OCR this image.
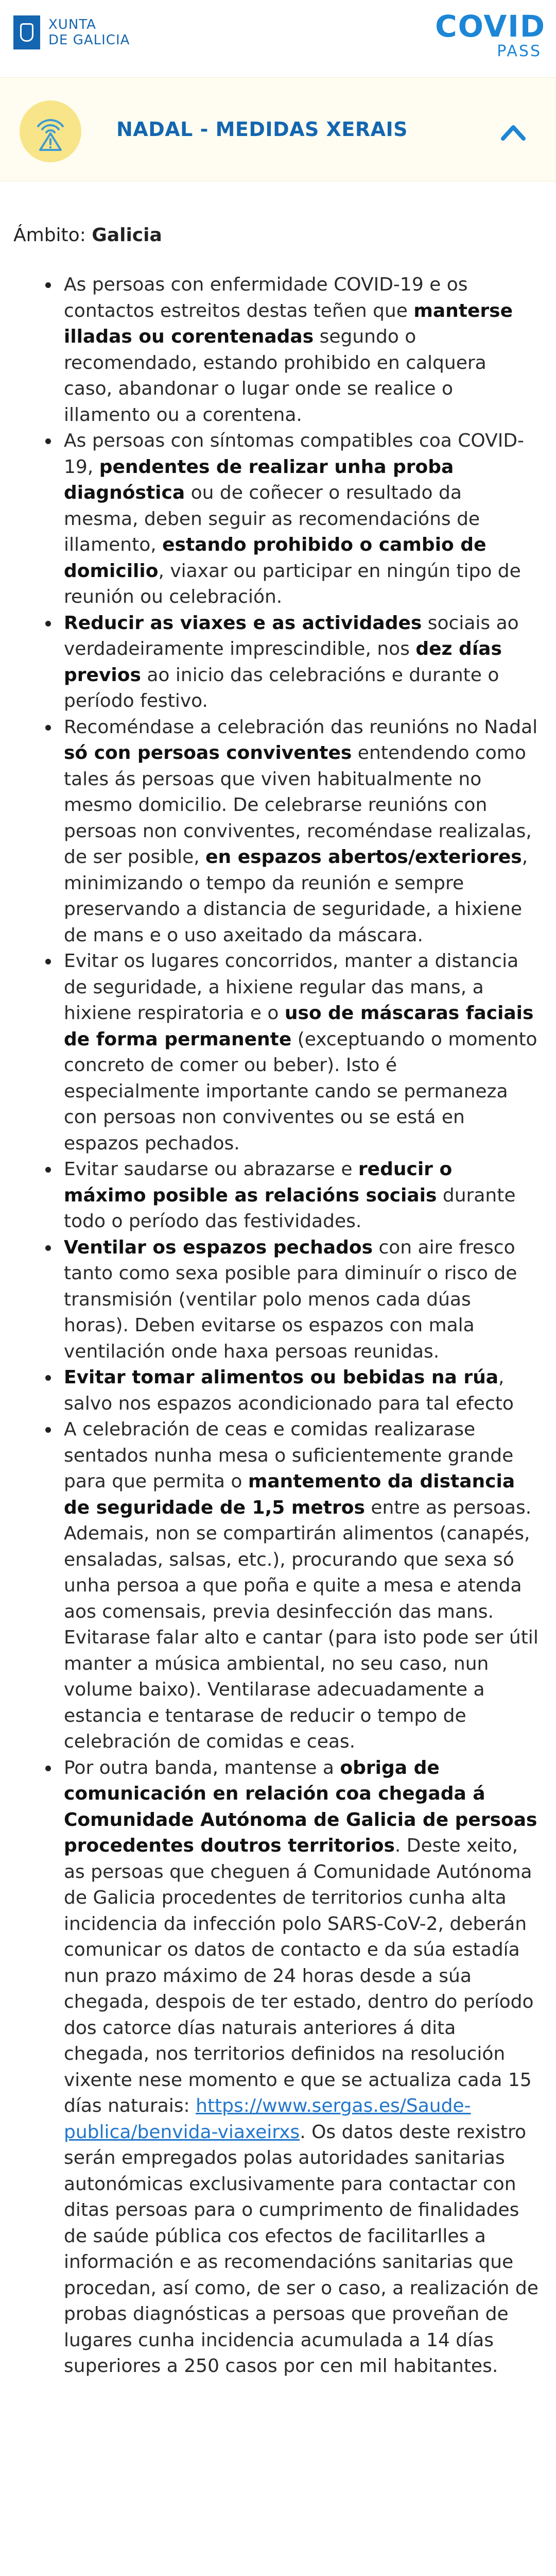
XUNTA
DE GALICIA	COVID
PASS
NADAL - MEDIDAS XERAIS
Ámbito: Galicia
As persoas con enfermidade COVID-19 e os contactos estreitos destas teñen que manterse illadas ou corentenadas segundo o recomendado, estando prohibido en calquera caso, abandonar o lugar onde se realice o illamento ou a corentena.
As persoas con síntomas compatibles coa COVID-19, pendentes de realizar unha proba diagnóstica ou de coñecer o resultado da mesma, deben seguir as recomendacións de illamento, estando prohibido o cambio de domicilio, viaxar ou participar en ningún tipo de reunión ou celebración.
Reducir as viaxes e as actividades sociais ao verdadeiramente imprescindible, nos dez días previos ao inicio das celebracións e durante o período festivo.
Recoméndase a celebración das reunións no Nadal só con persoas conviventes entendendo como tales ás persoas que viven habitualmente no mesmo domicilio. De celebrarse reunións con persoas non conviventes, recoméndase realizalas, de ser posible, en espazos abertos/exteriores, minimizando o tempo da reunión e sempre preservando a distancia de seguridade, a hixiene de mans e o uso axeitado da máscara.
Evitar os lugares concorridos, manter a distancia de seguridade, a hixiene regular das mans, a hixiene respiratoria e o uso de máscaras faciais de forma permanente (exceptuando o momento concreto de comer ou beber). Isto é especialmente importante cando se permaneza con persoas non conviventes ou se está en espazos pechados.
Evitar saudarse ou abrazarse e reducir o máximo posible as relacións sociais durante todo o período das festividades.
Ventilar os espazos pechados con aire fresco tanto como sexa posible para diminuír o risco de transmisión (ventilar polo menos cada dúas horas). Deben evitarse os espazos con mala ventilación onde haxa persoas reunidas.
Evitar tomar alimentos ou bebidas na rúa, salvo nos espazos acondicionado para tal efecto
A celebración de ceas e comidas realizarase sentados nunha mesa o suficientemente grande para que permita o mantemento da distancia de seguridade de 1,5 metros entre as persoas. Ademais, non se compartirán alimentos (canapés, ensaladas, salsas, etc.), procurando que sexa só unha persoa a que poña e quite a mesa e atenda aos comensais, previa desinfección das mans. Evitarase falar alto e cantar (para isto pode ser útil manter a música ambiental, no seu caso, nun volume baixo). Ventilarase adecuadamente a estancia e tentarase de reducir o tempo de celebración de comidas e ceas.
Por outra banda, mantense a obriga de comunicación en relación coa chegada á Comunidade Autónoma de Galicia de persoas procedentes doutros territorios. Deste xeito, as persoas que cheguen á Comunidade Autónoma de Galicia procedentes de territorios cunha alta incidencia da infección polo SARS-CoV-2, deberán comunicar os datos de contacto e da súa estadía nun prazo máximo de 24 horas desde a súa chegada, despois de ter estado, dentro do período dos catorce días naturais anteriores á dita chegada, nos territorios definidos na resolución vixente nese momento e que se actualiza cada 15 días naturais: https://www.sergas.es/Saude-publica/benvida-viaxeirxs. Os datos deste rexistro serán empregados polas autoridades sanitarias autonómicas exclusivamente para contactar con ditas persoas para o cumprimento de finalidades de saúde pública cos efectos de facilitarlles a información e as recomendacións sanitarias que procedan, así como, de ser o caso, a realización de probas diagnósticas a persoas que proveñan de lugares cunha incidencia acumulada a 14 días superiores a 250 casos por cen mil habitantes.
